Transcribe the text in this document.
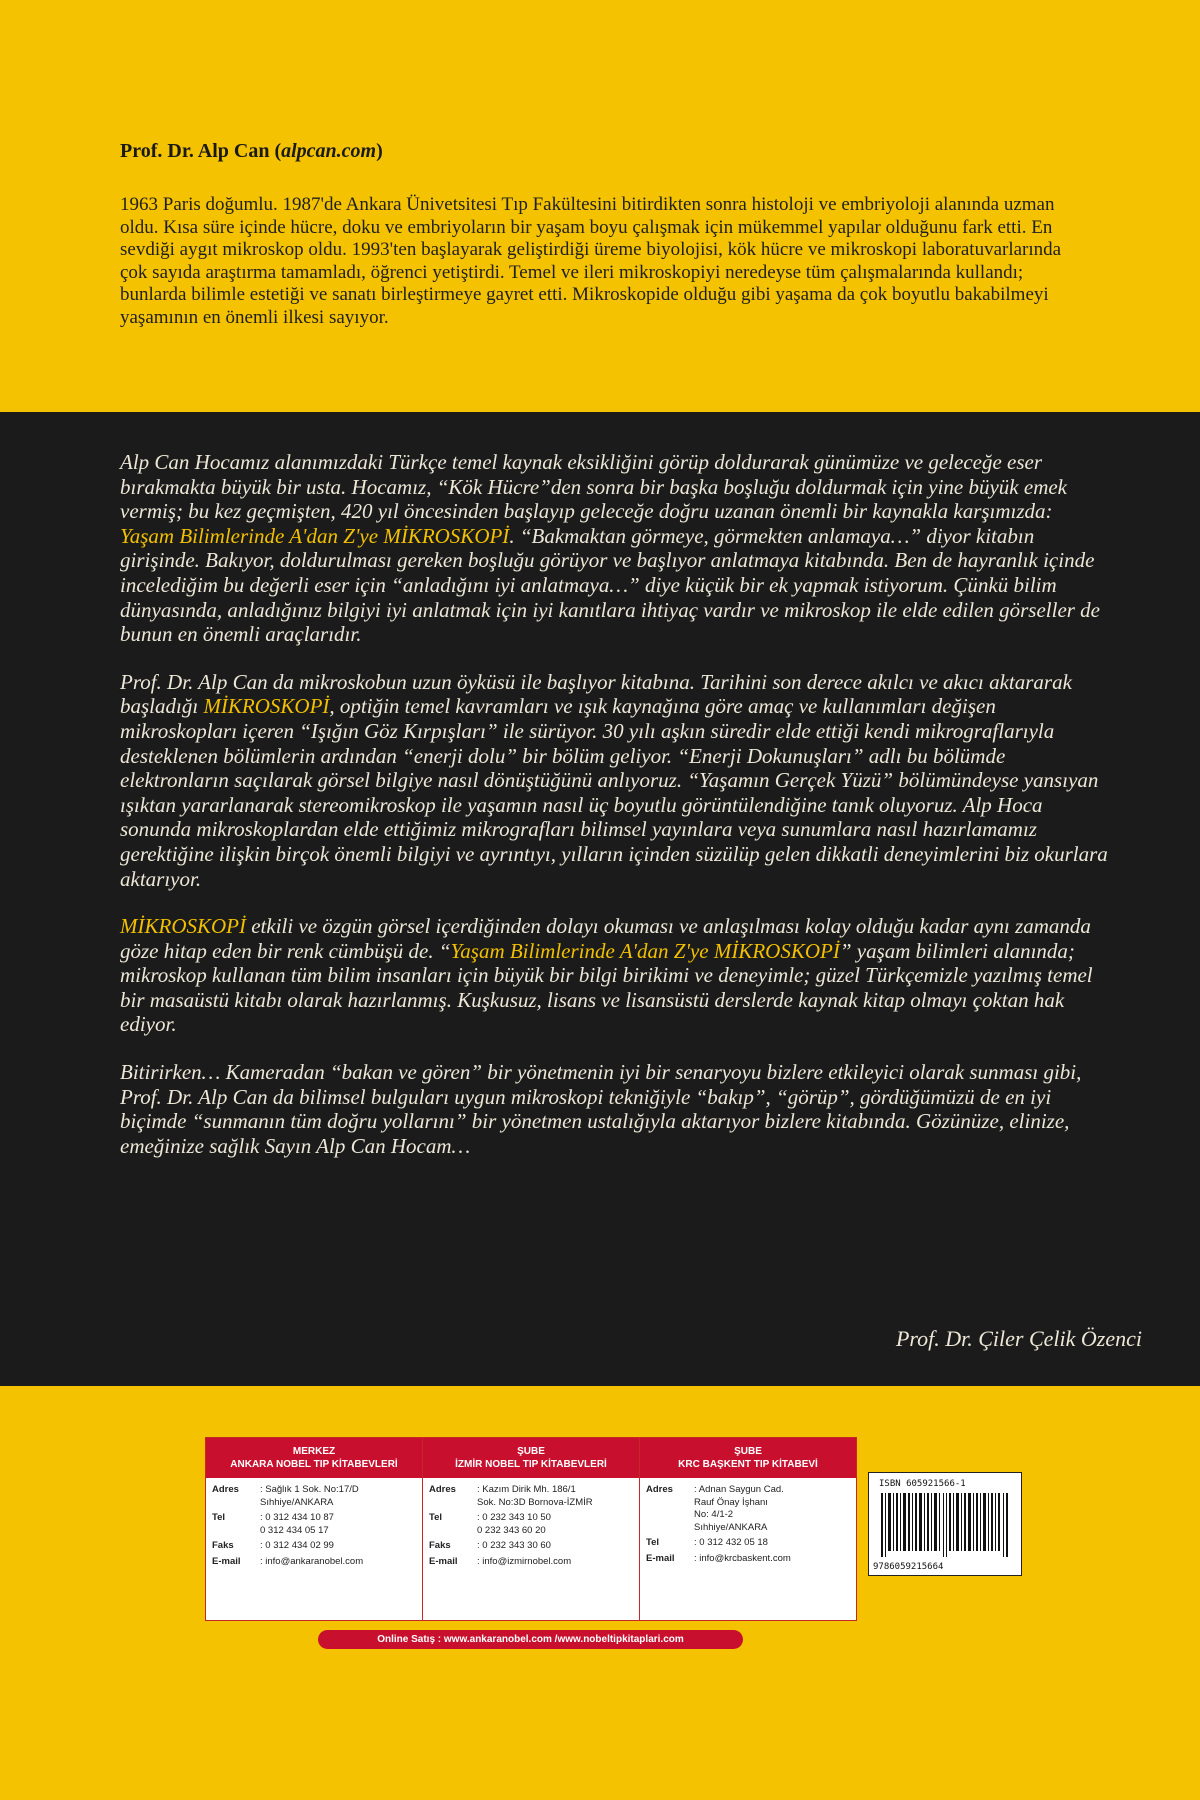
Prof. Dr. Alp Can (alpcan.com)

1963 Paris doğumlu. 1987'de Ankara Ünivetsitesi Tıp Fakültesini bitirdikten sonra histoloji ve embriyoloji alanında uzman oldu. Kısa süre içinde hücre, doku ve embriyoların bir yaşam boyu çalışmak için mükemmel yapılar olduğunu fark etti. En sevdiği aygıt mikroskop oldu. 1993'ten başlayarak geliştirdiği üreme biyolojisi, kök hücre ve mikroskopi laboratuvarlarında çok sayıda araştırma tamamladı, öğrenci yetiştirdi. Temel ve ileri mikroskopiyi neredeyse tüm çalışmalarında kullandı; bunlarda bilimle estetiği ve sanatı birleştirmeye gayret etti. Mikroskopide olduğu gibi yaşama da çok boyutlu bakabilmeyi yaşamının en önemli ilkesi sayıyor.

Alp Can Hocamız alanımızdaki Türkçe temel kaynak eksikliğini görüp doldurarak günümüze ve geleceğe eser bırakmakta büyük bir usta. Hocamız, “Kök Hücre”den sonra bir başka boşluğu doldurmak için yine büyük emek vermiş; bu kez geçmişten, 420 yıl öncesinden başlayıp geleceğe doğru uzanan önemli bir kaynakla karşımızda: Yaşam Bilimlerinde A'dan Z'ye MİKROSKOPİ. “Bakmaktan görmeye, görmekten anlamaya…” diyor kitabın girişinde. Bakıyor, doldurulması gereken boşluğu görüyor ve başlıyor anlatmaya kitabında. Ben de hayranlık içinde incelediğim bu değerli eser için “anladığını iyi anlatmaya…” diye küçük bir ek yapmak istiyorum. Çünkü bilim dünyasında, anladığınız bilgiyi iyi anlatmak için iyi kanıtlara ihtiyaç vardır ve mikroskop ile elde edilen görseller de bunun en önemli araçlarıdır.

Prof. Dr. Alp Can da mikroskobun uzun öyküsü ile başlıyor kitabına. Tarihini son derece akılcı ve akıcı aktararak başladığı MİKROSKOPİ, optiğin temel kavramları ve ışık kaynağına göre amaç ve kullanımları değişen mikroskopları içeren “Işığın Göz Kırpışları” ile sürüyor. 30 yılı aşkın süredir elde ettiği kendi mikrograflarıyla desteklenen bölümlerin ardından “enerji dolu” bir bölüm geliyor. “Enerji Dokunuşları” adlı bu bölümde elektronların saçılarak görsel bilgiye nasıl dönüştüğünü anlıyoruz. “Yaşamın Gerçek Yüzü” bölümündeyse yansıyan ışıktan yararlanarak stereomikroskop ile yaşamın nasıl üç boyutlu görüntülendiğine tanık oluyoruz. Alp Hoca sonunda mikroskoplardan elde ettiğimiz mikrografları bilimsel yayınlara veya sunumlara nasıl hazırlamamız gerektiğine ilişkin birçok önemli bilgiyi ve ayrıntıyı, yılların içinden süzülüp gelen dikkatli deneyimlerini biz okurlara aktarıyor.

MİKROSKOPİ etkili ve özgün görsel içerdiğinden dolayı okuması ve anlaşılması kolay olduğu kadar aynı zamanda göze hitap eden bir renk cümbüşü de. “Yaşam Bilimlerinde A'dan Z'ye MİKROSKOPİ” yaşam bilimleri alanında; mikroskop kullanan tüm bilim insanları için büyük bir bilgi birikimi ve deneyimle; güzel Türkçemizle yazılmış temel bir masaüstü kitabı olarak hazırlanmış. Kuşkusuz, lisans ve lisansüstü derslerde kaynak kitap olmayı çoktan hak ediyor.

Bitirirken… Kameradan “bakan ve gören” bir yönetmenin iyi bir senaryoyu bizlere etkileyici olarak sunması gibi, Prof. Dr. Alp Can da bilimsel bulguları uygun mikroskopi tekniğiyle “bakıp”, “görüp”, gördüğümüzü de en iyi biçimde “sunmanın tüm doğru yollarını” bir yönetmen ustalığıyla aktarıyor bizlere kitabında. Gözünüze, elinize, emeğinize sağlık Sayın Alp Can Hocam…

Prof. Dr. Çiler Çelik Özenci
MERKEZ
ANKARA NOBEL TIP KİTABEVLERİ
Adres	: Sağlık 1 Sok. No:17/D
Sıhhiye/ANKARA
Tel	: 0 312 434 10 87
0 312 434 05 17
Faks	: 0 312 434 02 99
E-mail	: info@ankaranobel.com
ŞUBE
İZMİR NOBEL TIP KİTABEVLERİ
Adres	: Kazım Dirik Mh. 186/1
Sok. No:3D Bornova-İZMİR
Tel	: 0 232 343 10 50
0 232 343 60 20
Faks	: 0 232 343 30 60
E-mail	: info@izmirnobel.com
ŞUBE
KRC BAŞKENT TIP KİTABEVİ
Adres	: Adnan Saygun Cad.
Rauf Önay İşhanı
No: 4/1-2
Sıhhiye/ANKARA
Tel	: 0 312 432 05 18
E-mail	: info@krcbaskent.com
Online Satış : www.ankaranobel.com /www.nobeltipkitaplari.com
ISBN 605921566-1
9786059215664
